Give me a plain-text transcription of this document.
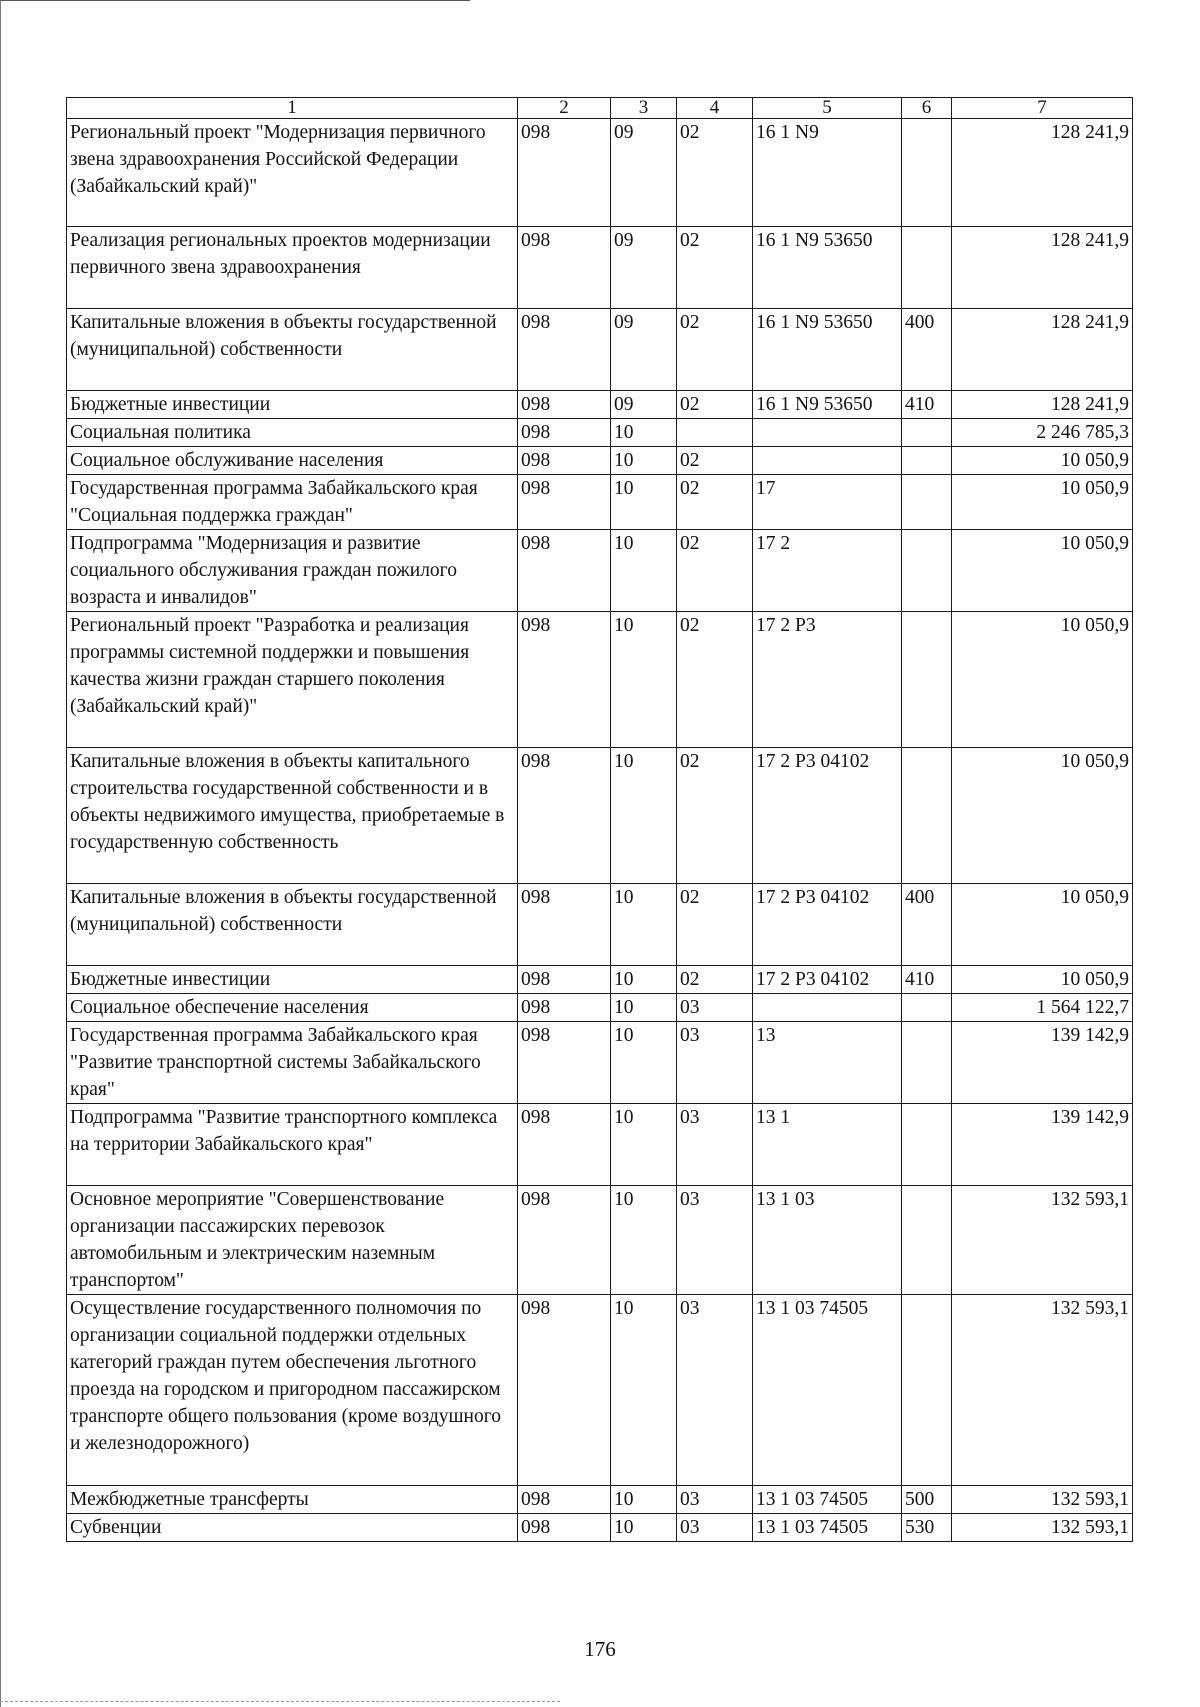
1	2	3	4	5	6	7
Региональный проект "Модернизация первичного звена здравоохранения Российской Федерации (Забайкальский край)"	098	09	02	16 1 N9		128 241,9
Реализация региональных проектов модернизации первичного звена здравоохранения	098	09	02	16 1 N9 53650		128 241,9
Капитальные вложения в объекты государственной (муниципальной) собственности	098	09	02	16 1 N9 53650	400	128 241,9
Бюджетные инвестиции	098	09	02	16 1 N9 53650	410	128 241,9
Социальная политика	098	10				2 246 785,3
Социальное обслуживание населения	098	10	02			10 050,9
Государственная программа Забайкальского края "Социальная поддержка граждан"	098	10	02	17		10 050,9
Подпрограмма "Модернизация и развитие социального обслуживания граждан пожилого возраста и инвалидов"	098	10	02	17 2		10 050,9
Региональный проект "Разработка и реализация программы системной поддержки и повышения качества жизни граждан старшего поколения (Забайкальский край)"	098	10	02	17 2 P3		10 050,9
Капитальные вложения в объекты капитального строительства государственной собственности и в объекты недвижимого имущества, приобретаемые в государственную собственность	098	10	02	17 2 P3 04102		10 050,9
Капитальные вложения в объекты государственной (муниципальной) собственности	098	10	02	17 2 P3 04102	400	10 050,9
Бюджетные инвестиции	098	10	02	17 2 P3 04102	410	10 050,9
Социальное обеспечение населения	098	10	03			1 564 122,7
Государственная программа Забайкальского края "Развитие транспортной системы Забайкальского края"	098	10	03	13		139 142,9
Подпрограмма "Развитие транспортного комплекса на территории Забайкальского края"	098	10	03	13 1		139 142,9
Основное мероприятие "Совершенствование организации пассажирских перевозок автомобильным и электрическим наземным транспортом"	098	10	03	13 1 03		132 593,1
Осуществление государственного полномочия по организации социальной поддержки отдельных категорий граждан путем обеспечения льготного проезда на городском и пригородном пассажирском транспорте общего пользования (кроме воздушного и железнодорожного)	098	10	03	13 1 03 74505		132 593,1
Межбюджетные трансферты	098	10	03	13 1 03 74505	500	132 593,1
Субвенции	098	10	03	13 1 03 74505	530	132 593,1
176
